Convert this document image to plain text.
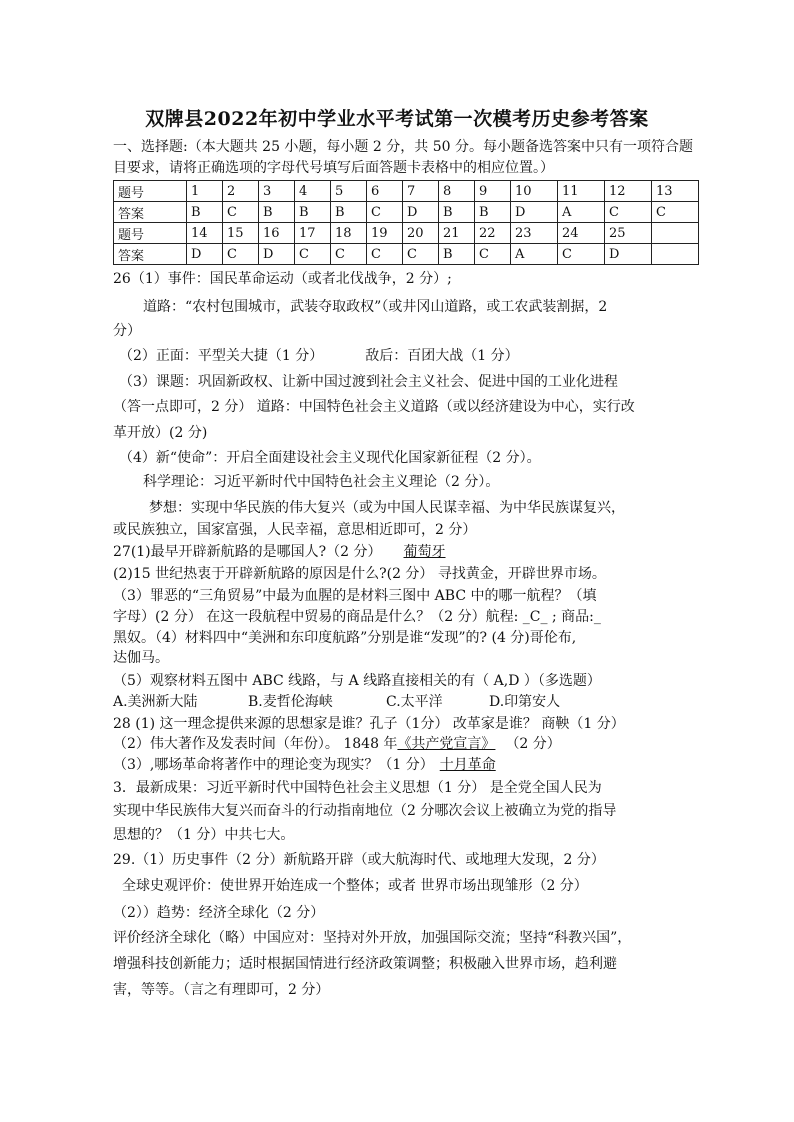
双牌县2022年初中学业水平考试第一次模考历史参考答案
一、选择题:（本大题共 25 小题，每小题 2 分，共 50 分。每小题备选答案中只有一项符合题
目要求，请将正确选项的字母代号填写后面答题卡表格中的相应位置。）
题号	1	2	3	4	5	6	7	8	9	10	11	12	13
答案	B	C	B	B	B	C	D	B	B	D	A	C	C
题号	14	15	16	17	18	19	20	21	22	23	24	25	
答案	D	C	D	C	C	C	C	B	C	A	C	D	
26（1）事件：国民革命运动（或者北伐战争，2 分）;
道路：“农村包围城市，武装夺取政权”（或井冈山道路，或工农武装割据，2
分）
（2）正面：平型关大捷（1 分）	敌后：百团大战（1 分）
（3）课题：巩固新政权、让新中国过渡到社会主义社会、促进中国的工业化进程
（答一点即可，2 分） 道路：中国特色社会主义道路（或以经济建设为中心，实行改
革开放）(2 分)
（4）新“使命”：开启全面建设社会主义现代化国家新征程（2 分）。
科学理论：习近平新时代中国特色社会主义理论（2 分）。
梦想：实现中华民族的伟大复兴（或为中国人民谋幸福、为中华民族谋复兴，
或民族独立，国家富强，人民幸福，意思相近即可，2 分）
27(1)最早开辟新航路的是哪国人?（2 分） 葡萄牙
(2)15 世纪热衷于开辟新航路的原因是什么?(2 分） 寻找黄金，开辟世界市场。
（3）罪恶的“三角贸易”中最为血腥的是材料三图中 ABC 中的哪一航程？（填
字母）(2 分） 在这一段航程中贸易的商品是什么？（2 分）航程: _C_ ; 商品:_
黑奴。（4）材料四中“美洲和东印度航路”分别是谁“发现”的? (4 分)哥伦布,
达伽马。
（5）观察材料五图中 ABC 线路，与 A 线路直接相关的有（ A,D ）（多选题）
A.美洲新大陆	B.麦哲伦海峡	C.太平洋	D.印第安人
28 (1) 这一理念提供来源的思想家是谁？孔子（1分） 改革家是谁？ 商鞅（1 分）
（2）伟大著作及发表时间（年份）。 1848 年《共产党宣言》 （2 分）
（3）,哪场革命将著作中的理论变为现实？（1 分） 十月革命
3．最新成果：习近平新时代中国特色社会主义思想（1 分） 是全党全国人民为
实现中华民族伟大复兴而奋斗的行动指南地位（2 分哪次会议上被确立为党的指导
思想的？（1 分）中共七大。
29.（1）历史事件（2 分）新航路开辟（或大航海时代、或地理大发现，2 分）
全球史观评价：使世界开始连成一个整体；或者 世界市场出现雏形（2 分）
（2））趋势：经济全球化（2 分）
评价经济全球化（略）中国应对：坚持对外开放，加强国际交流；坚持“科教兴国”，
增强科技创新能力；适时根据国情进行经济政策调整；积极融入世界市场，趋利避
害，等等。（言之有理即可，2 分）
